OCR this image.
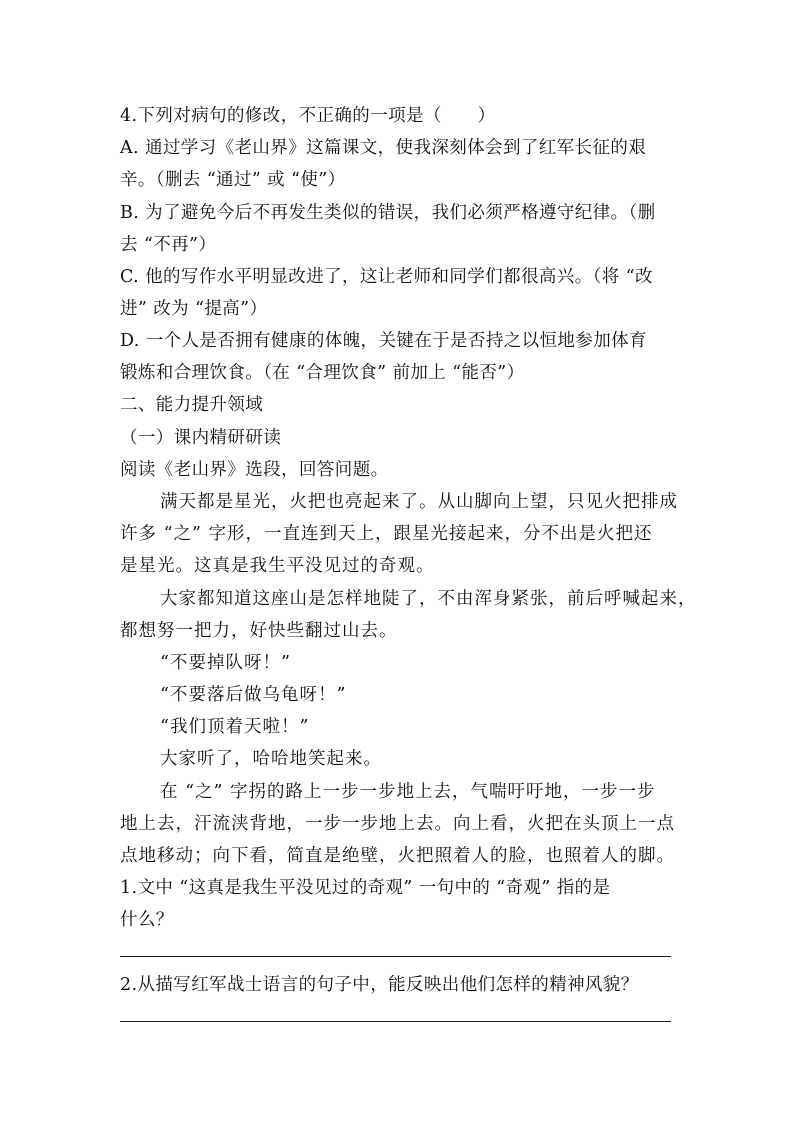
4.下列对病句的修改，不正确的一项是（　　）
A. 通过学习《老山界》这篇课文，使我深刻体会到了红军长征的艰
辛。（删去 “通过” 或 “使”）
B. 为了避免今后不再发生类似的错误，我们必须严格遵守纪律。（删
去 “不再”）
C. 他的写作水平明显改进了，这让老师和同学们都很高兴。（将 “改
进” 改为 “提高”）
D. 一个人是否拥有健康的体魄，关键在于是否持之以恒地参加体育
锻炼和合理饮食。（在 “合理饮食” 前加上 “能否”）
二、能力提升领域
（一）课内精研研读
阅读《老山界》选段，回答问题。
满天都是星光，火把也亮起来了。从山脚向上望，只见火把排成
许多 “之” 字形，一直连到天上，跟星光接起来，分不出是火把还
是星光。这真是我生平没见过的奇观。
大家都知道这座山是怎样地陡了，不由浑身紧张，前后呼喊起来，
都想努一把力，好快些翻过山去。
“不要掉队呀！”
“不要落后做乌龟呀！”
“我们顶着天啦！”
大家听了，哈哈地笑起来。
在 “之” 字拐的路上一步一步地上去，气喘吁吁地，一步一步
地上去，汗流浃背地，一步一步地上去。向上看，火把在头顶上一点
点地移动；向下看，简直是绝壁，火把照着人的脸，也照着人的脚。
1.文中 “这真是我生平没见过的奇观” 一句中的 “奇观” 指的是
什么？
2.从描写红军战士语言的句子中，能反映出他们怎样的精神风貌？
